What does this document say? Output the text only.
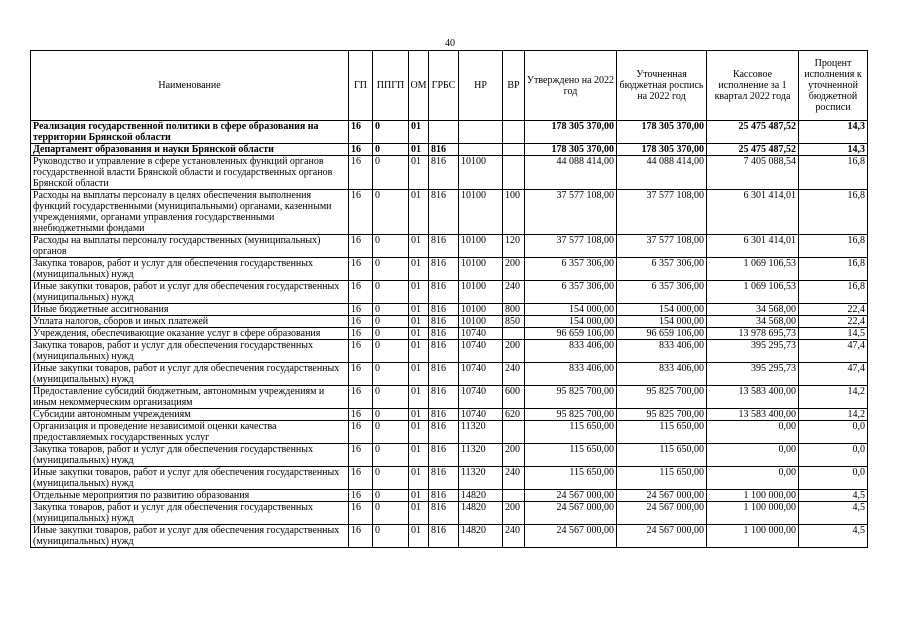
40
Наименование	ГП	ППГП	ОМ	ГРБС	НР	ВР	Утверждено на 2022 год	Уточненная бюджетная роспись на 2022 год	Кассовое исполнение за 1 квартал 2022 года	Процент исполнения к уточненной бюджетной росписи
Реализация государственной политики в сфере образования на территории Брянской области	16	0	01				178 305 370,00	178 305 370,00	25 475 487,52	14,3
Департамент образования и науки Брянской области	16	0	01	816			178 305 370,00	178 305 370,00	25 475 487,52	14,3
Руководство и управление в сфере установленных функций органов государственной власти Брянской области и государственных органов Брянской области	16	0	01	816	10100		44 088 414,00	44 088 414,00	7 405 088,54	16,8
Расходы на выплаты персоналу в целях обеспечения выполнения функций государственными (муниципальными) органами, казенными учреждениями, органами управления государственными внебюджетными фондами	16	0	01	816	10100	100	37 577 108,00	37 577 108,00	6 301 414,01	16,8
Расходы на выплаты персоналу государственных (муниципальных) органов	16	0	01	816	10100	120	37 577 108,00	37 577 108,00	6 301 414,01	16,8
Закупка товаров, работ и услуг для обеспечения государственных (муниципальных) нужд	16	0	01	816	10100	200	6 357 306,00	6 357 306,00	1 069 106,53	16,8
Иные закупки товаров, работ и услуг для обеспечения государственных (муниципальных) нужд	16	0	01	816	10100	240	6 357 306,00	6 357 306,00	1 069 106,53	16,8
Иные бюджетные ассигнования	16	0	01	816	10100	800	154 000,00	154 000,00	34 568,00	22,4
Уплата налогов, сборов и иных платежей	16	0	01	816	10100	850	154 000,00	154 000,00	34 568,00	22,4
Учреждения, обеспечивающие оказание услуг в сфере образования	16	0	01	816	10740		96 659 106,00	96 659 106,00	13 978 695,73	14,5
Закупка товаров, работ и услуг для обеспечения государственных (муниципальных) нужд	16	0	01	816	10740	200	833 406,00	833 406,00	395 295,73	47,4
Иные закупки товаров, работ и услуг для обеспечения государственных (муниципальных) нужд	16	0	01	816	10740	240	833 406,00	833 406,00	395 295,73	47,4
Предоставление субсидий бюджетным, автономным учреждениям и иным некоммерческим организациям	16	0	01	816	10740	600	95 825 700,00	95 825 700,00	13 583 400,00	14,2
Субсидии автономным учреждениям	16	0	01	816	10740	620	95 825 700,00	95 825 700,00	13 583 400,00	14,2
Организация и проведение независимой оценки качества предоставляемых государственных услуг	16	0	01	816	11320		115 650,00	115 650,00	0,00	0,0
Закупка товаров, работ и услуг для обеспечения государственных (муниципальных) нужд	16	0	01	816	11320	200	115 650,00	115 650,00	0,00	0,0
Иные закупки товаров, работ и услуг для обеспечения государственных (муниципальных) нужд	16	0	01	816	11320	240	115 650,00	115 650,00	0,00	0,0
Отдельные мероприятия по развитию образования	16	0	01	816	14820		24 567 000,00	24 567 000,00	1 100 000,00	4,5
Закупка товаров, работ и услуг для обеспечения государственных (муниципальных) нужд	16	0	01	816	14820	200	24 567 000,00	24 567 000,00	1 100 000,00	4,5
Иные закупки товаров, работ и услуг для обеспечения государственных (муниципальных) нужд	16	0	01	816	14820	240	24 567 000,00	24 567 000,00	1 100 000,00	4,5
